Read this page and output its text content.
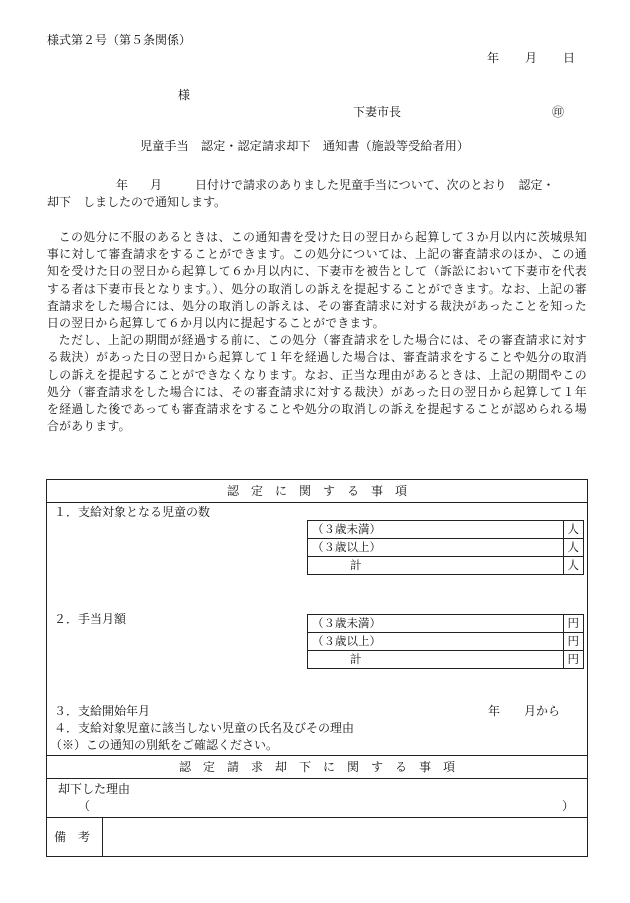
様式第２号（第５条関係）
年 月 日
様
下妻市長	㊞
児童手当　認定・認定請求却下　通知書（施設等受給者用）
年 月	日付けで請求のありました児童手当について、次のとおり　認定・
却下　しましたので通知します。

この処分に不服のあるときは、この通知書を受けた日の翌日から起算して３か月以内に茨城県知事に対して審査請求をすることができます。この処分については、上記の審査請求のほか、この通知を受けた日の翌日から起算して６か月以内に、下妻市を被告として（訴訟において下妻市を代表する者は下妻市長となります。）、処分の取消しの訴えを提起することができます。なお、上記の審査請求をした場合には、処分の取消しの訴えは、その審査請求に対する裁決があったことを知った日の翌日から起算して６か月以内に提起することができます。

ただし、上記の期間が経過する前に、この処分（審査請求をした場合には、その審査請求に対する裁決）があった日の翌日から起算して１年を経過した場合は、審査請求をすることや処分の取消しの訴えを提起することができなくなります。なお、正当な理由があるときは、上記の期間やこの処分（審査請求をした場合には、その審査請求に対する裁決）があった日の翌日から起算して１年を経過した後であっても審査請求をすることや処分の取消しの訴えを提起することが認められる場合があります。

認　定　に　関　す　る　事　項
１．支給対象となる児童の数
（３歳未満）	人
（３歳以上）	人
計	人
２．手当月額	（３歳未満）	円
（３歳以上）	円
計	円
３．支給開始年月	年 月から
４．支給対象児童に該当しない児童の氏名及びその理由
（※）この通知の別紙をご確認ください。
認　定　請　求　却　下　に　関　す　る　事　項
却下した理由
（	）
備　考
